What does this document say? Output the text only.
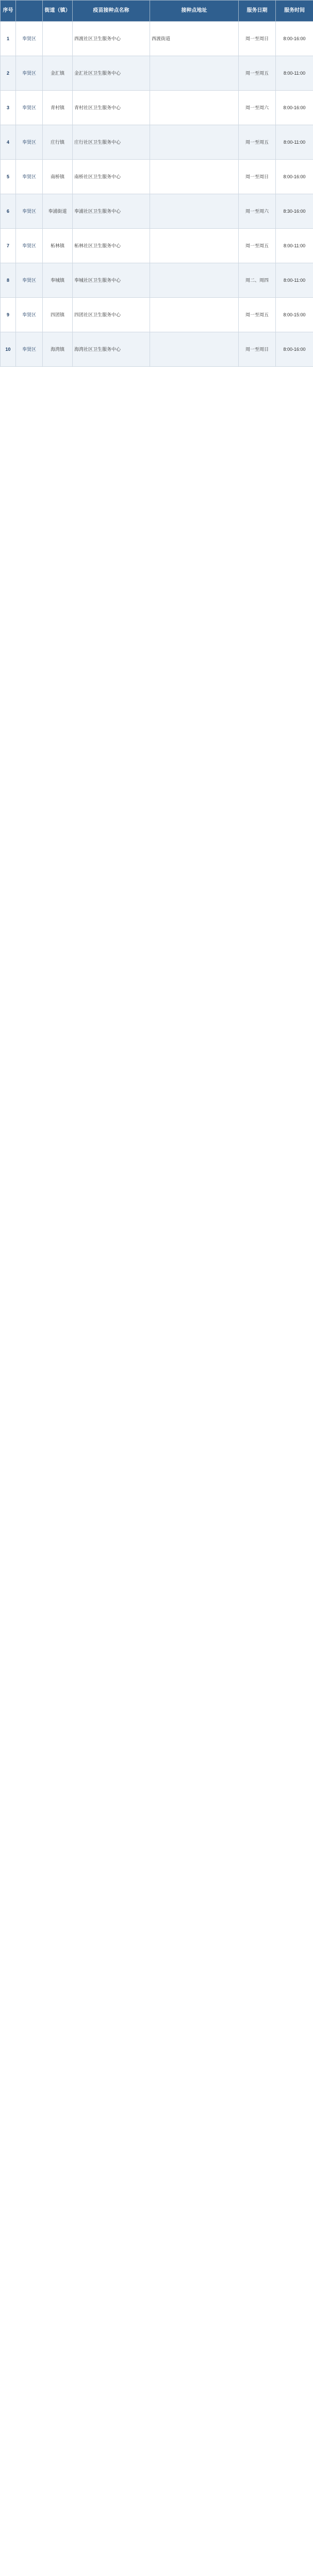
序号		街道（镇）	疫苗接种点名称	接种点地址	服务日期	服务时间
1	奉贤区		西渡社区卫生服务中心	西渡街道	周一至周日	8:00-16:00
2	奉贤区	金汇镇	金汇社区卫生服务中心		周一至周五	8:00-11:00
3	奉贤区	青村镇	青村社区卫生服务中心		周一至周六	8:00-16:00
4	奉贤区	庄行镇	庄行社区卫生服务中心		周一至周五	8:00-11:00
5	奉贤区	南桥镇	南桥社区卫生服务中心		周一至周日	8:00-16:00
6	奉贤区	奉浦街道	奉浦社区卫生服务中心		周一至周六	8:30-16:00
7	奉贤区	柘林镇	柘林社区卫生服务中心		周一至周五	8:00-11:00
8	奉贤区	奉城镇	奉城社区卫生服务中心		周二、周四	8:00-11:00
9	奉贤区	四团镇	四团社区卫生服务中心		周一至周五	8:00-15:00
10	奉贤区	海湾镇	海湾社区卫生服务中心		周一至周日	8:00-16:00
